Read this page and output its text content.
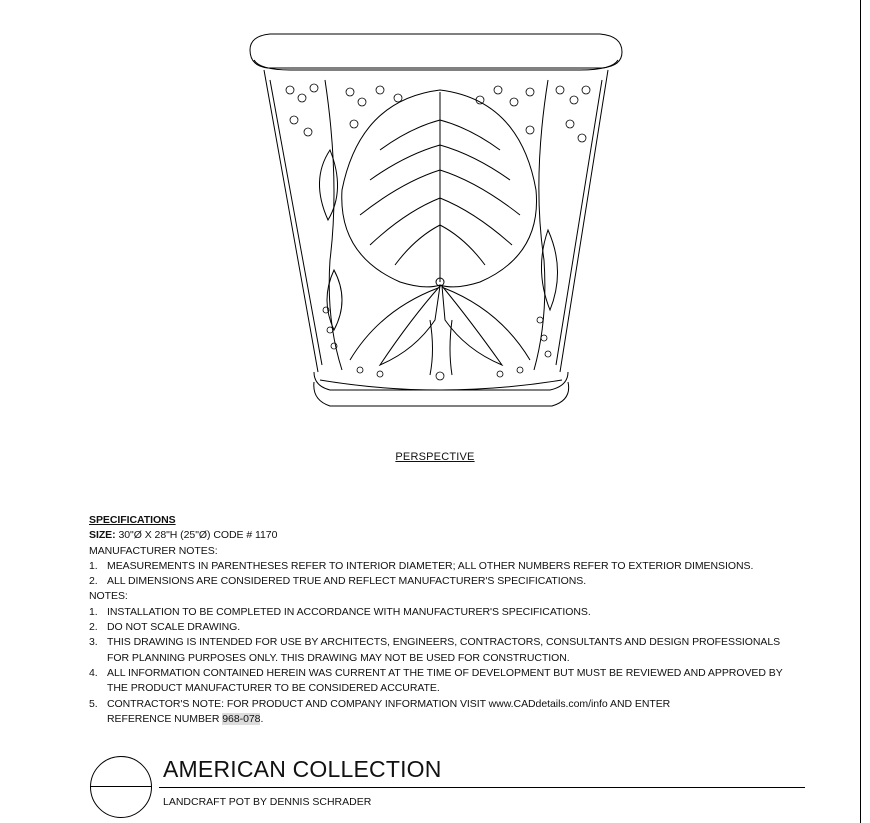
PERSPECTIVE
SPECIFICATIONS
SIZE: 30"Ø X 28"H (25"Ø) CODE # 1170
MANUFACTURER NOTES:
1. MEASUREMENTS IN PARENTHESES REFER TO INTERIOR DIAMETER; ALL OTHER NUMBERS REFER TO EXTERIOR DIMENSIONS.
2. ALL DIMENSIONS ARE CONSIDERED TRUE AND REFLECT MANUFACTURER'S SPECIFICATIONS.
NOTES:
1. INSTALLATION TO BE COMPLETED IN ACCORDANCE WITH MANUFACTURER'S SPECIFICATIONS.
2. DO NOT SCALE DRAWING.
3. THIS DRAWING IS INTENDED FOR USE BY ARCHITECTS, ENGINEERS, CONTRACTORS, CONSULTANTS AND DESIGN PROFESSIONALS
FOR PLANNING PURPOSES ONLY. THIS DRAWING MAY NOT BE USED FOR CONSTRUCTION.
4. ALL INFORMATION CONTAINED HEREIN WAS CURRENT AT THE TIME OF DEVELOPMENT BUT MUST BE REVIEWED AND APPROVED BY
THE PRODUCT MANUFACTURER TO BE CONSIDERED ACCURATE.
5. CONTRACTOR'S NOTE: FOR PRODUCT AND COMPANY INFORMATION VISIT www.CADdetails.com/info AND ENTER
REFERENCE NUMBER 968-078.
AMERICAN COLLECTION
LANDCRAFT POT BY DENNIS SCHRADER
